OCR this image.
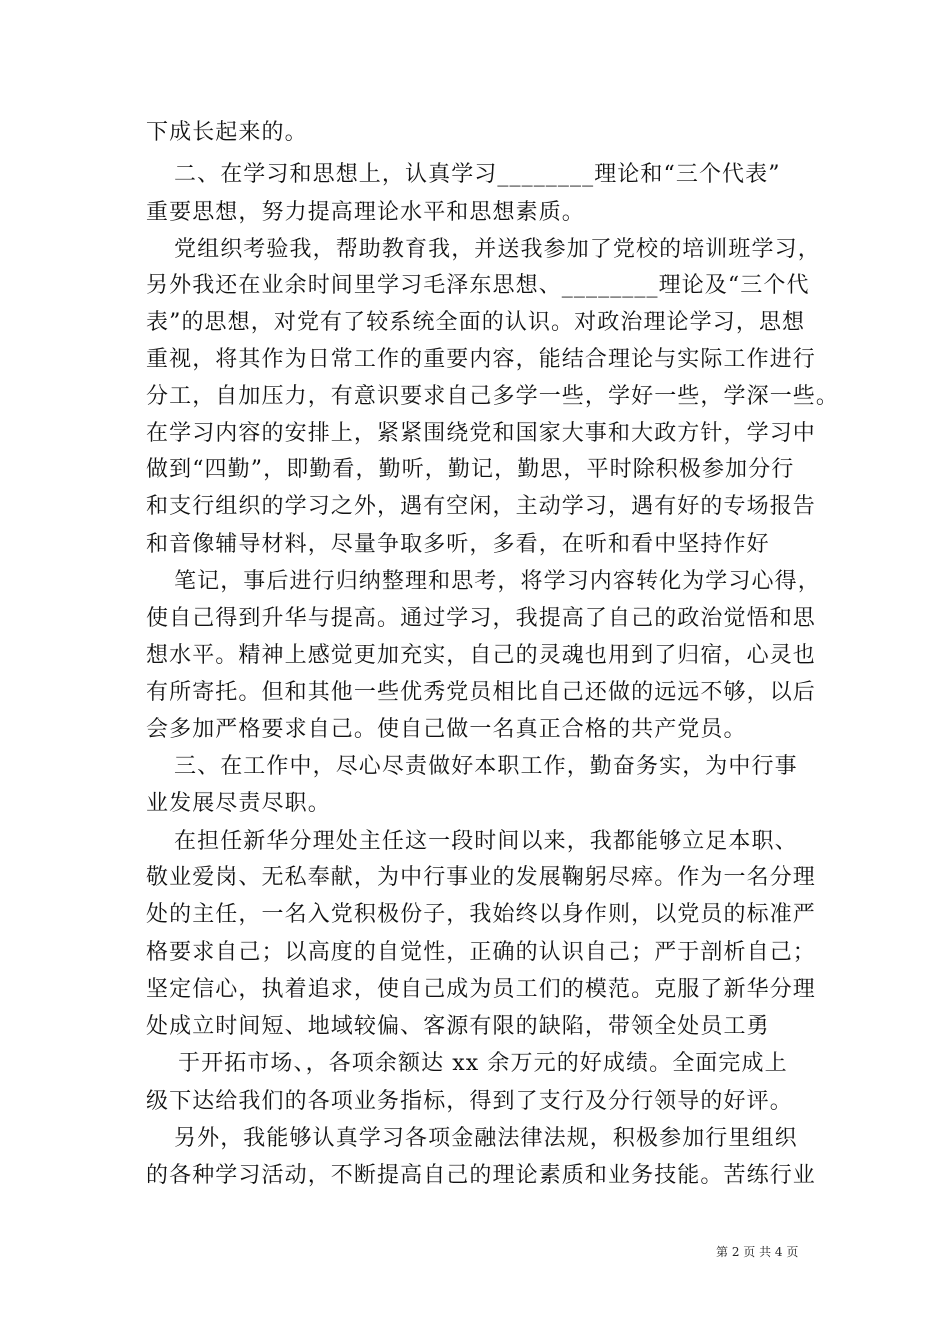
下成长起来的。
二、在学习和思想上，认真学习________理论和“三个代表”
重要思想，努力提高理论水平和思想素质。
党组织考验我，帮助教育我，并送我参加了党校的培训班学习，
另外我还在业余时间里学习毛泽东思想、________理论及“三个代
表”的思想，对党有了较系统全面的认识。对政治理论学习，思想
重视，将其作为日常工作的重要内容，能结合理论与实际工作进行
分工，自加压力，有意识要求自己多学一些，学好一些，学深一些。
在学习内容的安排上，紧紧围绕党和国家大事和大政方针，学习中
做到“四勤”，即勤看，勤听，勤记，勤思，平时除积极参加分行
和支行组织的学习之外，遇有空闲，主动学习，遇有好的专场报告
和音像辅导材料，尽量争取多听，多看，在听和看中坚持作好
笔记，事后进行归纳整理和思考，将学习内容转化为学习心得，
使自己得到升华与提高。通过学习，我提高了自己的政治觉悟和思
想水平。精神上感觉更加充实，自己的灵魂也用到了归宿，心灵也
有所寄托。但和其他一些优秀党员相比自己还做的远远不够，以后
会多加严格要求自己。使自己做一名真正合格的共产党员。
三、在工作中，尽心尽责做好本职工作，勤奋务实，为中行事
业发展尽责尽职。
在担任新华分理处主任这一段时间以来，我都能够立足本职、
敬业爱岗、无私奉献，为中行事业的发展鞠躬尽瘁。作为一名分理
处的主任，一名入党积极份子，我始终以身作则，以党员的标准严
格要求自己；以高度的自觉性，正确的认识自己；严于剖析自己；
坚定信心，执着追求，使自己成为员工们的模范。克服了新华分理
处成立时间短、地域较偏、客源有限的缺陷，带领全处员工勇
于开拓市场、，各项余额达 xx 余万元的好成绩。全面完成上
级下达给我们的各项业务指标，得到了支行及分行领导的好评。
另外，我能够认真学习各项金融法律法规，积极参加行里组织
的各种学习活动，不断提高自己的理论素质和业务技能。苦练行业
第 2 页 共 4 页
